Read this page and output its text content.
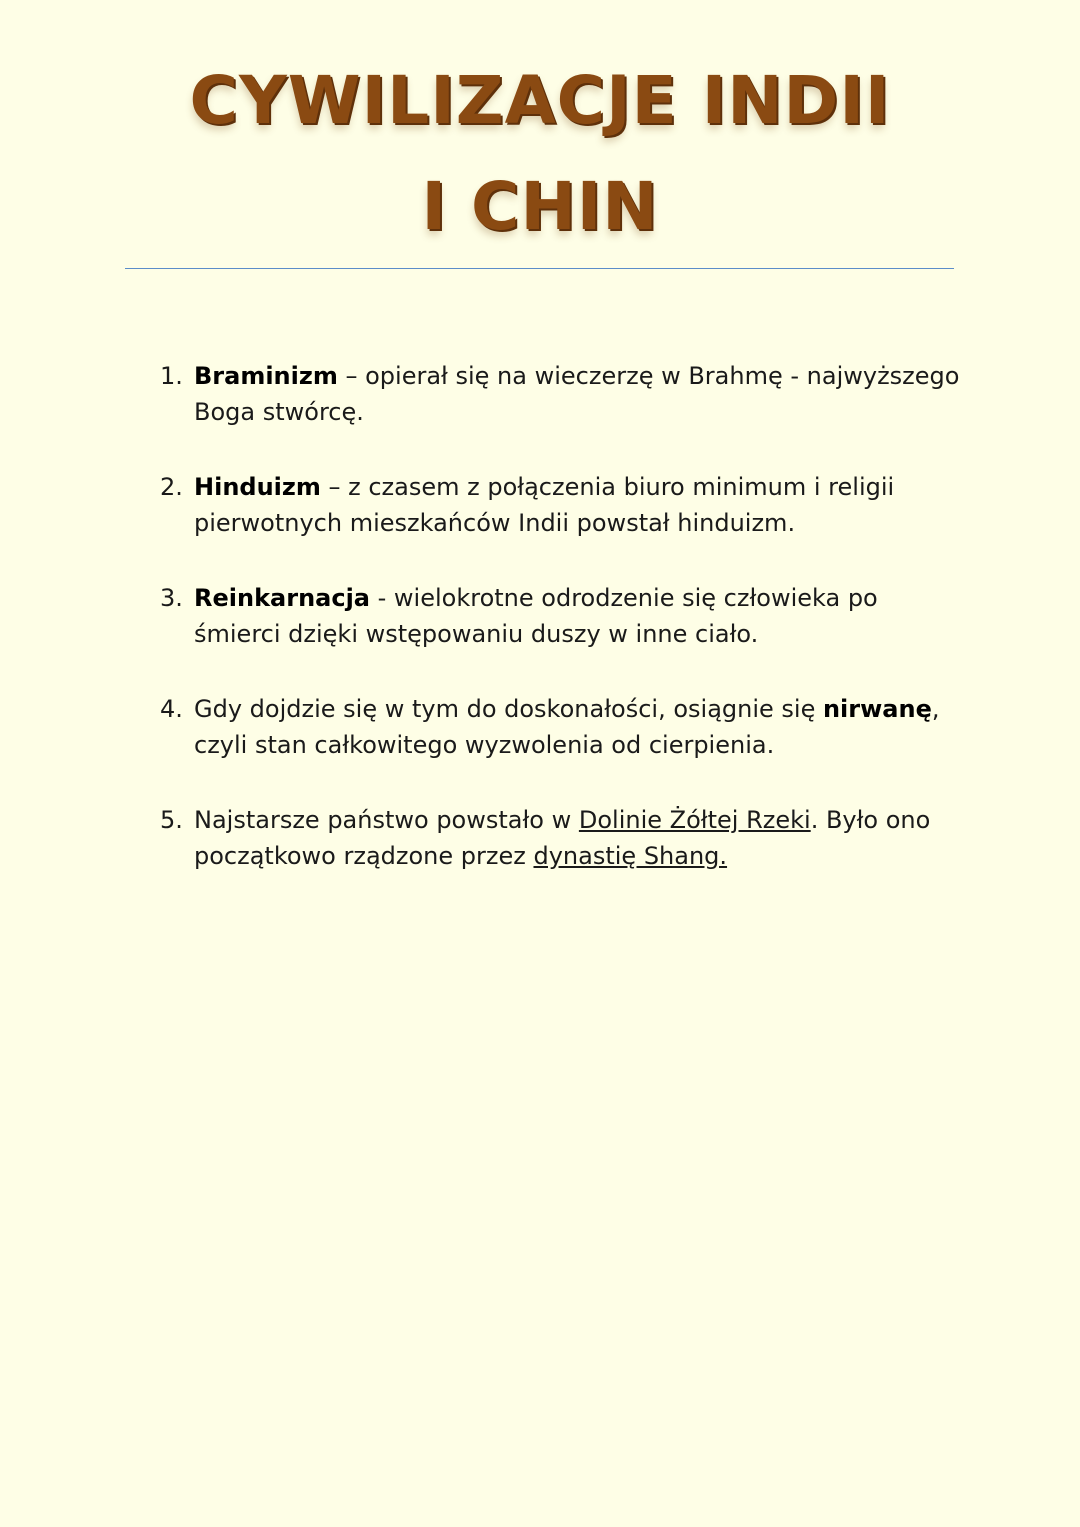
CYWILIZACJE INDII
I CHIN
1. Braminizm – opierał się na wieczerzę w Brahmę - najwyższego Boga stwórcę.
2. Hinduizm – z czasem z połączenia biuro minimum i religii pierwotnych mieszkańców Indii powstał hinduizm.
3. Reinkarnacja - wielokrotne odrodzenie się człowieka po śmierci dzięki wstępowaniu duszy w inne ciało.
4. Gdy dojdzie się w tym do doskonałości, osiągnie się nirwanę, czyli stan całkowitego wyzwolenia od cierpienia.
5. Najstarsze państwo powstało w Dolinie Żółtej Rzeki. Było ono początkowo rządzone przez dynastię Shang.
